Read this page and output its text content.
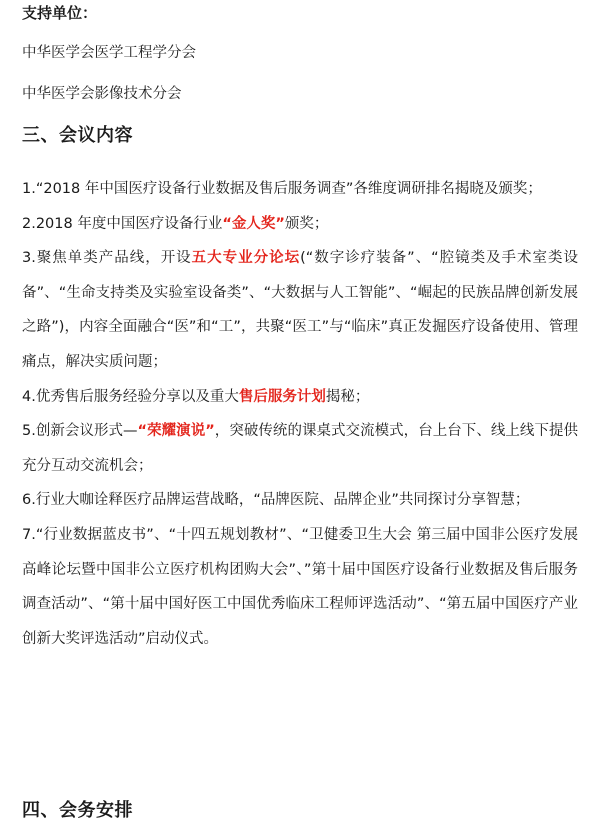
支持单位：
中华医学会医学工程学分会
中华医学会影像技术分会
三、会议内容

1.“2018 年中国医疗设备行业数据及售后服务调查”各维度调研排名揭晓及颁奖；

2.2018 年度中国医疗设备行业“金人奖”颁奖；

3.聚焦单类产品线，开设五大专业分论坛(“数字诊疗装备”、“腔镜类及手术室类设备”、“生命支持类及实验室设备类”、“大数据与人工智能”、“崛起的民族品牌创新发展之路”)，内容全面融合“医”和“工”，共聚“医工”与“临床”真正发掘医疗设备使用、管理痛点，解决实质问题；

4.优秀售后服务经验分享以及重大售后服务计划揭秘；

5.创新会议形式—“荣耀演说”，突破传统的课桌式交流模式，台上台下、线上线下提供充分互动交流机会；

6.行业大咖诠释医疗品牌运营战略，“品牌医院、品牌企业”共同探讨分享智慧；

7.“行业数据蓝皮书”、“十四五规划教材”、“卫健委卫生大会 第三届中国非公医疗发展高峰论坛暨中国非公立医疗机构团购大会”、”第十届中国医疗设备行业数据及售后服务调查活动”、“第十届中国好医工中国优秀临床工程师评选活动”、“第五届中国医疗产业创新大奖评选活动”启动仪式。

四、会务安排
